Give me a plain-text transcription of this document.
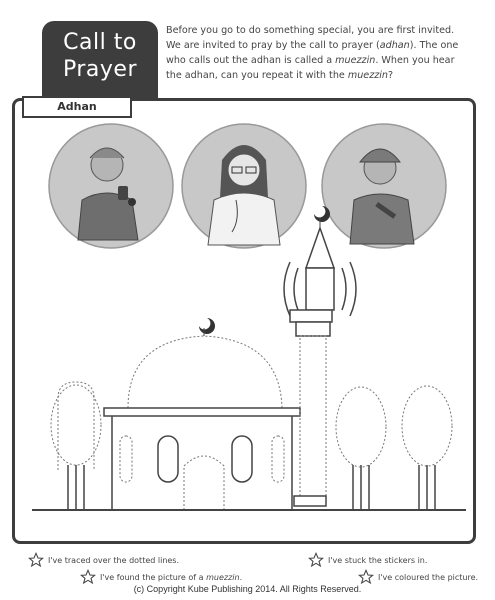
Call to
Prayer
Before you go to do something special, you are first invited. We are invited to pray by the call to prayer (adhan). The one who calls out the adhan is called a muezzin. When you hear the adhan, can you repeat it with the muezzin?
Adhan
I've traced over the dotted lines.
I've found the picture of a muezzin.
I've stuck the stickers in.
I've coloured the picture.
(c) Copyright Kube Publishing 2014. All Rights Reserved.
